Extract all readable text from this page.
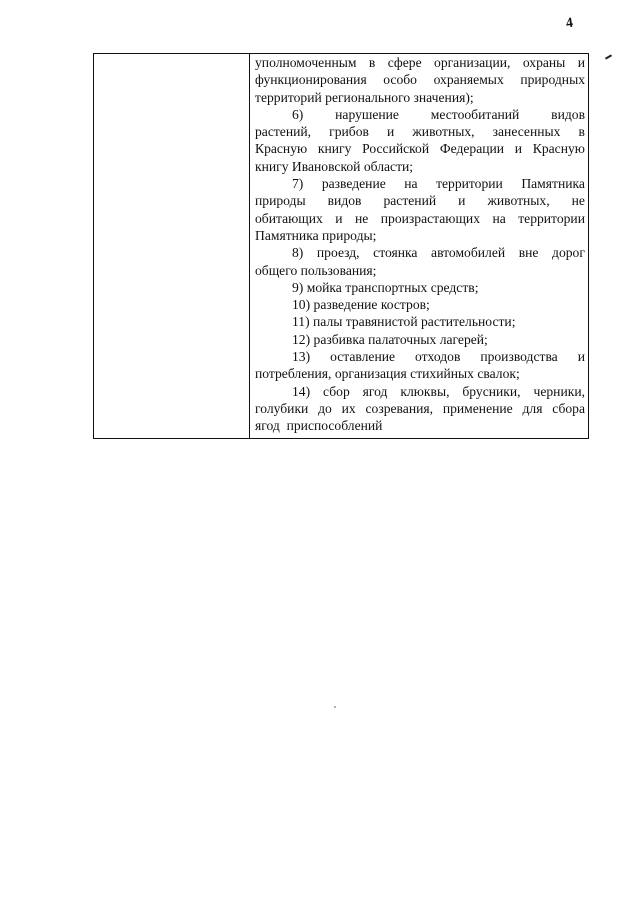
4
уполномоченным в сфере организации, охраны и
функционирования особо охраняемых природных
территорий регионального значения);
6) нарушение местообитаний видов
растений, грибов и животных, занесенных в
Красную книгу Российской Федерации и Красную
книгу Ивановской области;
7) разведение на территории Памятника
природы видов растений и животных, не
обитающих и не произрастающих на территории
Памятника природы;
8) проезд, стоянка автомобилей вне дорог
общего пользования;
9) мойка транспортных средств;
10) разведение костров;
11) палы травянистой растительности;
12) разбивка палаточных лагерей;
13) оставление отходов производства и
потребления, организация стихийных свалок;
14) сбор ягод клюквы, брусники, черники,
голубики до их созревания, применение для сбора
ягод  приспособлений
